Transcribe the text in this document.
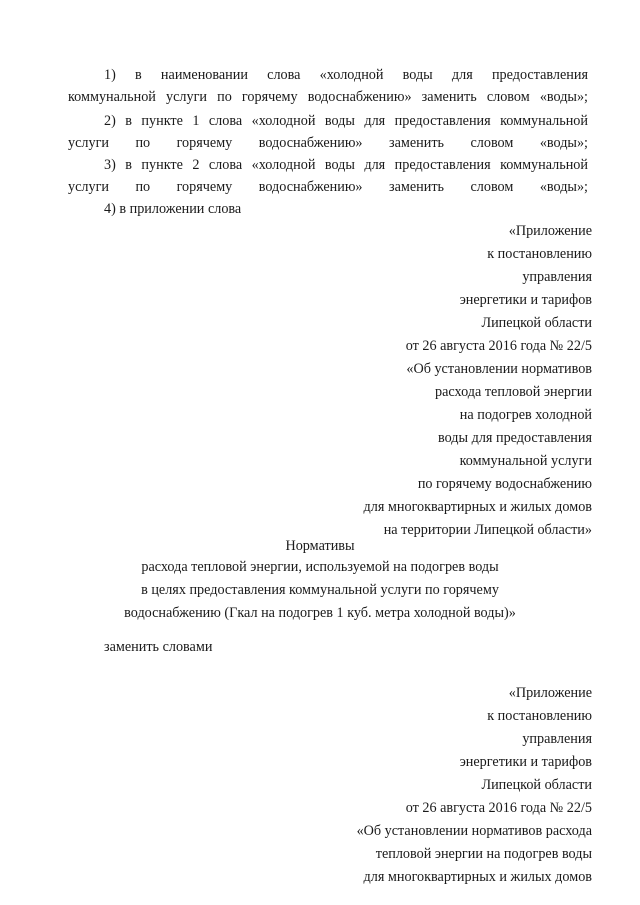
1) в наименовании слова «холодной воды для предоставления

коммунальной услуги по горячему водоснабжению» заменить словом «воды»;

2) в пункте 1 слова «холодной воды для предоставления коммунальной

услуги по горячему водоснабжению» заменить словом «воды»;

3) в пункте 2 слова «холодной воды для предоставления коммунальной

услуги по горячему водоснабжению» заменить словом «воды»;

4) в приложении слова

«Приложение
к постановлению
управления
энергетики и тарифов
Липецкой области
от 26 августа 2016 года № 22/5
«Об установлении нормативов
расхода тепловой энергии
на подогрев холодной
воды для предоставления
коммунальной услуги
по горячему водоснабжению
для многоквартирных и жилых домов
на территории Липецкой области»
Нормативы
расхода тепловой энергии, используемой на подогрев воды
в целях предоставления коммунальной услуги по горячему
водоснабжению (Гкал на подогрев 1 куб. метра холодной воды)»

заменить словами

«Приложение
к постановлению
управления
энергетики и тарифов
Липецкой области
от 26 августа 2016 года № 22/5
«Об установлении нормативов расхода
тепловой энергии на подогрев воды
для многоквартирных и жилых домов
